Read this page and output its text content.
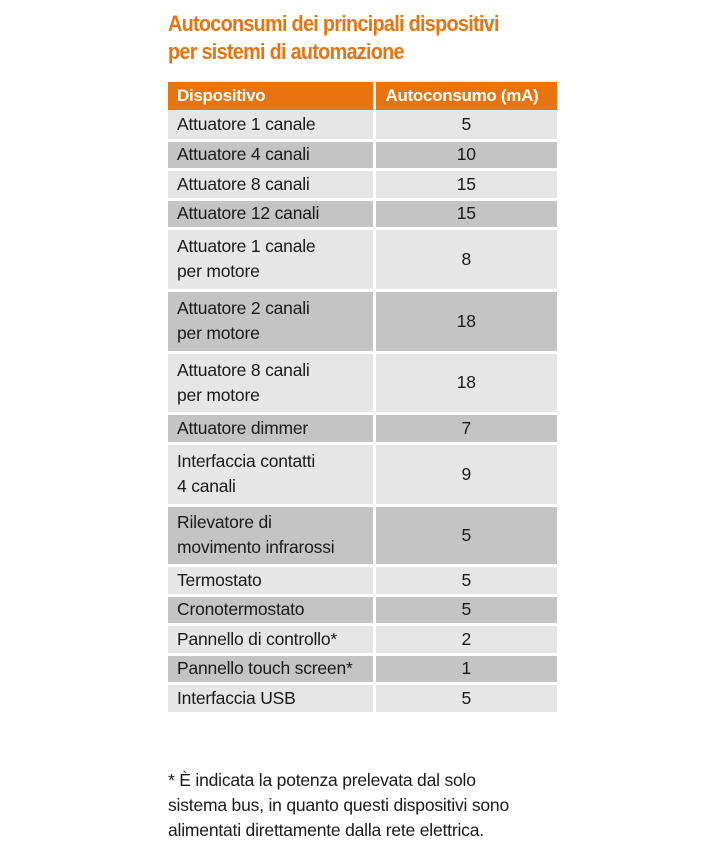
Autoconsumi dei principali dispositivi
per sistemi di automazione
Dispositivo	Autoconsumo (mA)

Attuatore 1 canale	5

Attuatore 4 canali	10

Attuatore 8 canali	15

Attuatore 12 canali	15

Attuatore 1 canale
per motore	8

Attuatore 2 canali
per motore	18

Attuatore 8 canali
per motore	18

Attuatore dimmer	7

Interfaccia contatti
4 canali	9

Rilevatore di
movimento infrarossi	5

Termostato	5

Cronotermostato	5

Pannello di controllo*	2

Pannello touch screen*	1

Interfaccia USB	5
* È indicata la potenza prelevata dal solo
sistema bus, in quanto questi dispositivi sono
alimentati direttamente dalla rete elettrica.
